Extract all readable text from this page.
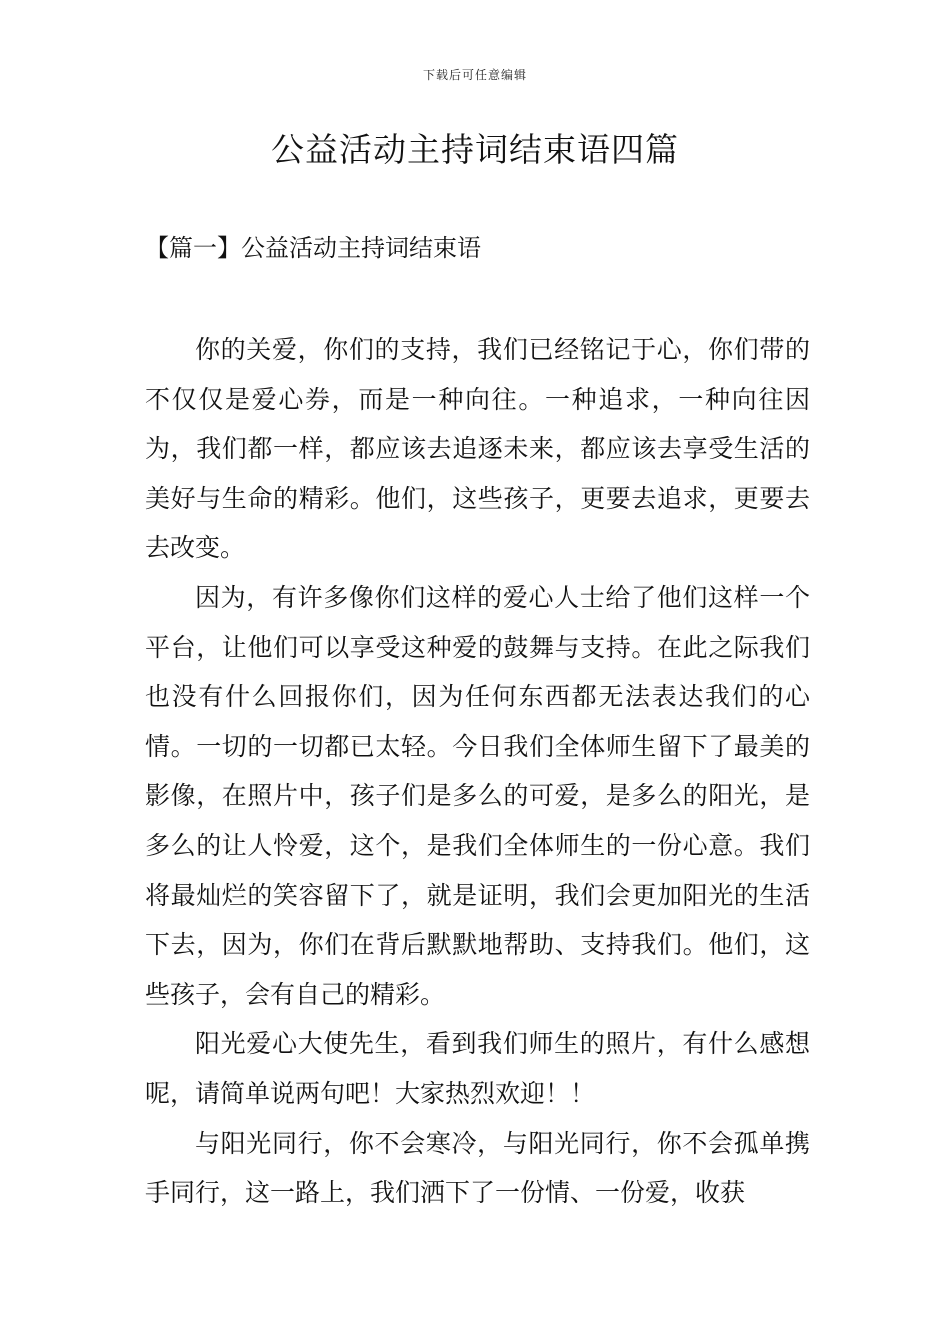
下载后可任意编辑
公益活动主持词结束语四篇
【篇一】公益活动主持词结束语

你的关爱，你们的支持，我们已经铭记于心，你们带的不仅仅是爱心券，而是一种向往。一种追求，一种向往因为，我们都一样，都应该去追逐未来，都应该去享受生活的美好与生命的精彩。他们，这些孩子，更要去追求，更要去去改变。

因为，有许多像你们这样的爱心人士给了他们这样一个平台，让他们可以享受这种爱的鼓舞与支持。在此之际我们也没有什么回报你们，因为任何东西都无法表达我们的心情。一切的一切都已太轻。今日我们全体师生留下了最美的影像，在照片中，孩子们是多么的可爱，是多么的阳光，是多么的让人怜爱，这个，是我们全体师生的一份心意。我们将最灿烂的笑容留下了，就是证明，我们会更加阳光的生活下去，因为，你们在背后默默地帮助、支持我们。他们，这些孩子，会有自己的精彩。

阳光爱心大使先生，看到我们师生的照片，有什么感想呢，请简单说两句吧！大家热烈欢迎！！

与阳光同行，你不会寒冷，与阳光同行，你不会孤单携手同行，这一路上，我们洒下了一份情、一份爱，收获
